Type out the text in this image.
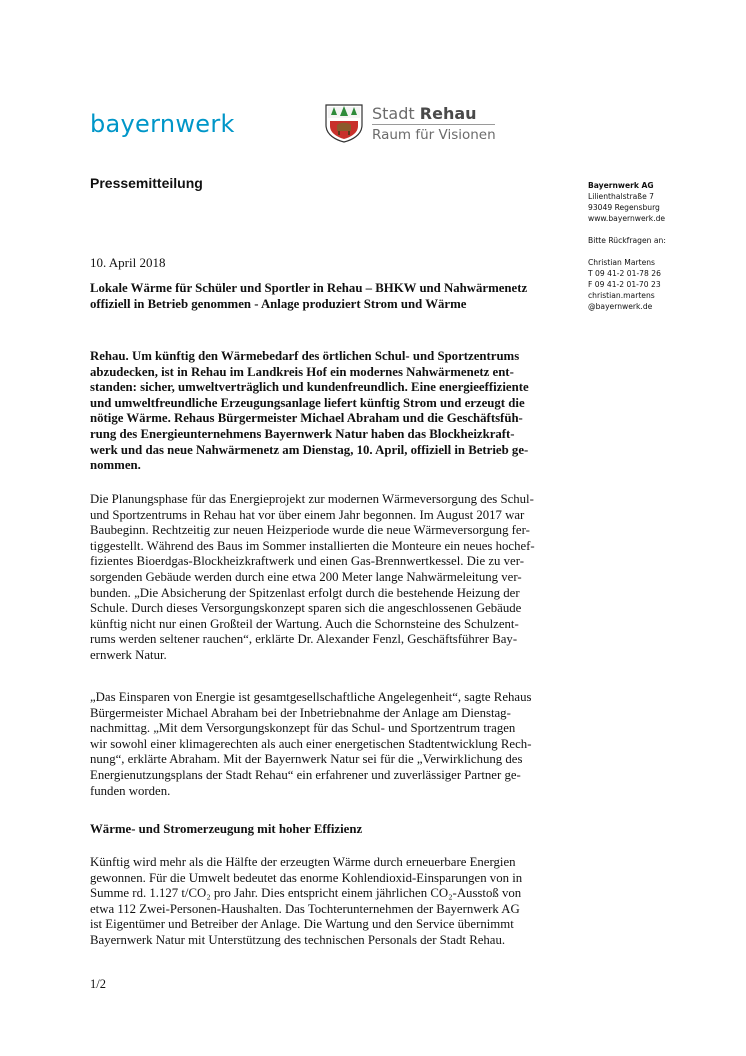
bayernwerk	Stadt Rehau
Raum für Visionen
Pressemitteilung	Bayernwerk AG
Lilienthalstraße 7
93049 Regensburg
www.bayernwerk.de
Bitte Rückfragen an:
Christian Martens
T 09 41-2 01-78 26
F 09 41-2 01-70 23
christian.martens
@bayernwerk.de
10. April 2018
Lokale Wärme für Schüler und Sportler in Rehau – BHKW und Nahwärmenetz
offiziell in Betrieb genommen - Anlage produziert Strom und Wärme
Rehau. Um künftig den Wärmebedarf des örtlichen Schul- und Sportzentrums
abzudecken, ist in Rehau im Landkreis Hof ein modernes Nahwärmenetz ent-
standen: sicher, umweltverträglich und kundenfreundlich. Eine energieeffiziente
und umweltfreundliche Erzeugungsanlage liefert künftig Strom und erzeugt die
nötige Wärme. Rehaus Bürgermeister Michael Abraham und die Geschäftsfüh-
rung des Energieunternehmens Bayernwerk Natur haben das Blockheizkraft-
werk und das neue Nahwärmenetz am Dienstag, 10. April, offiziell in Betrieb ge-
nommen.
Die Planungsphase für das Energieprojekt zur modernen Wärmeversorgung des Schul-
und Sportzentrums in Rehau hat vor über einem Jahr begonnen. Im August 2017 war
Baubeginn. Rechtzeitig zur neuen Heizperiode wurde die neue Wärmeversorgung fer-
tiggestellt. Während des Baus im Sommer installierten die Monteure ein neues hochef-
fizientes Bioerdgas-Blockheizkraftwerk und einen Gas-Brennwertkessel. Die zu ver-
sorgenden Gebäude werden durch eine etwa 200 Meter lange Nahwärmeleitung ver-
bunden. „Die Absicherung der Spitzenlast erfolgt durch die bestehende Heizung der
Schule. Durch dieses Versorgungskonzept sparen sich die angeschlossenen Gebäude
künftig nicht nur einen Großteil der Wartung. Auch die Schornsteine des Schulzent-
rums werden seltener rauchen“, erklärte Dr. Alexander Fenzl, Geschäftsführer Bay-
ernwerk Natur.
„Das Einsparen von Energie ist gesamtgesellschaftliche Angelegenheit“, sagte Rehaus
Bürgermeister Michael Abraham bei der Inbetriebnahme der Anlage am Dienstag-
nachmittag. „Mit dem Versorgungskonzept für das Schul- und Sportzentrum tragen
wir sowohl einer klimagerechten als auch einer energetischen Stadtentwicklung Rech-
nung“, erklärte Abraham. Mit der Bayernwerk Natur sei für die „Verwirklichung des
Energienutzungsplans der Stadt Rehau“ ein erfahrener und zuverlässiger Partner ge-
funden worden.
Wärme- und Stromerzeugung mit hoher Effizienz
Künftig wird mehr als die Hälfte der erzeugten Wärme durch erneuerbare Energien
gewonnen. Für die Umwelt bedeutet das enorme Kohlendioxid-Einsparungen von in
Summe rd. 1.127 t/CO₂ pro Jahr. Dies entspricht einem jährlichen CO₂-Ausstoß von
etwa 112 Zwei-Personen-Haushalten. Das Tochterunternehmen der Bayernwerk AG
ist Eigentümer und Betreiber der Anlage. Die Wartung und den Service übernimmt
Bayernwerk Natur mit Unterstützung des technischen Personals der Stadt Rehau.
1/2
